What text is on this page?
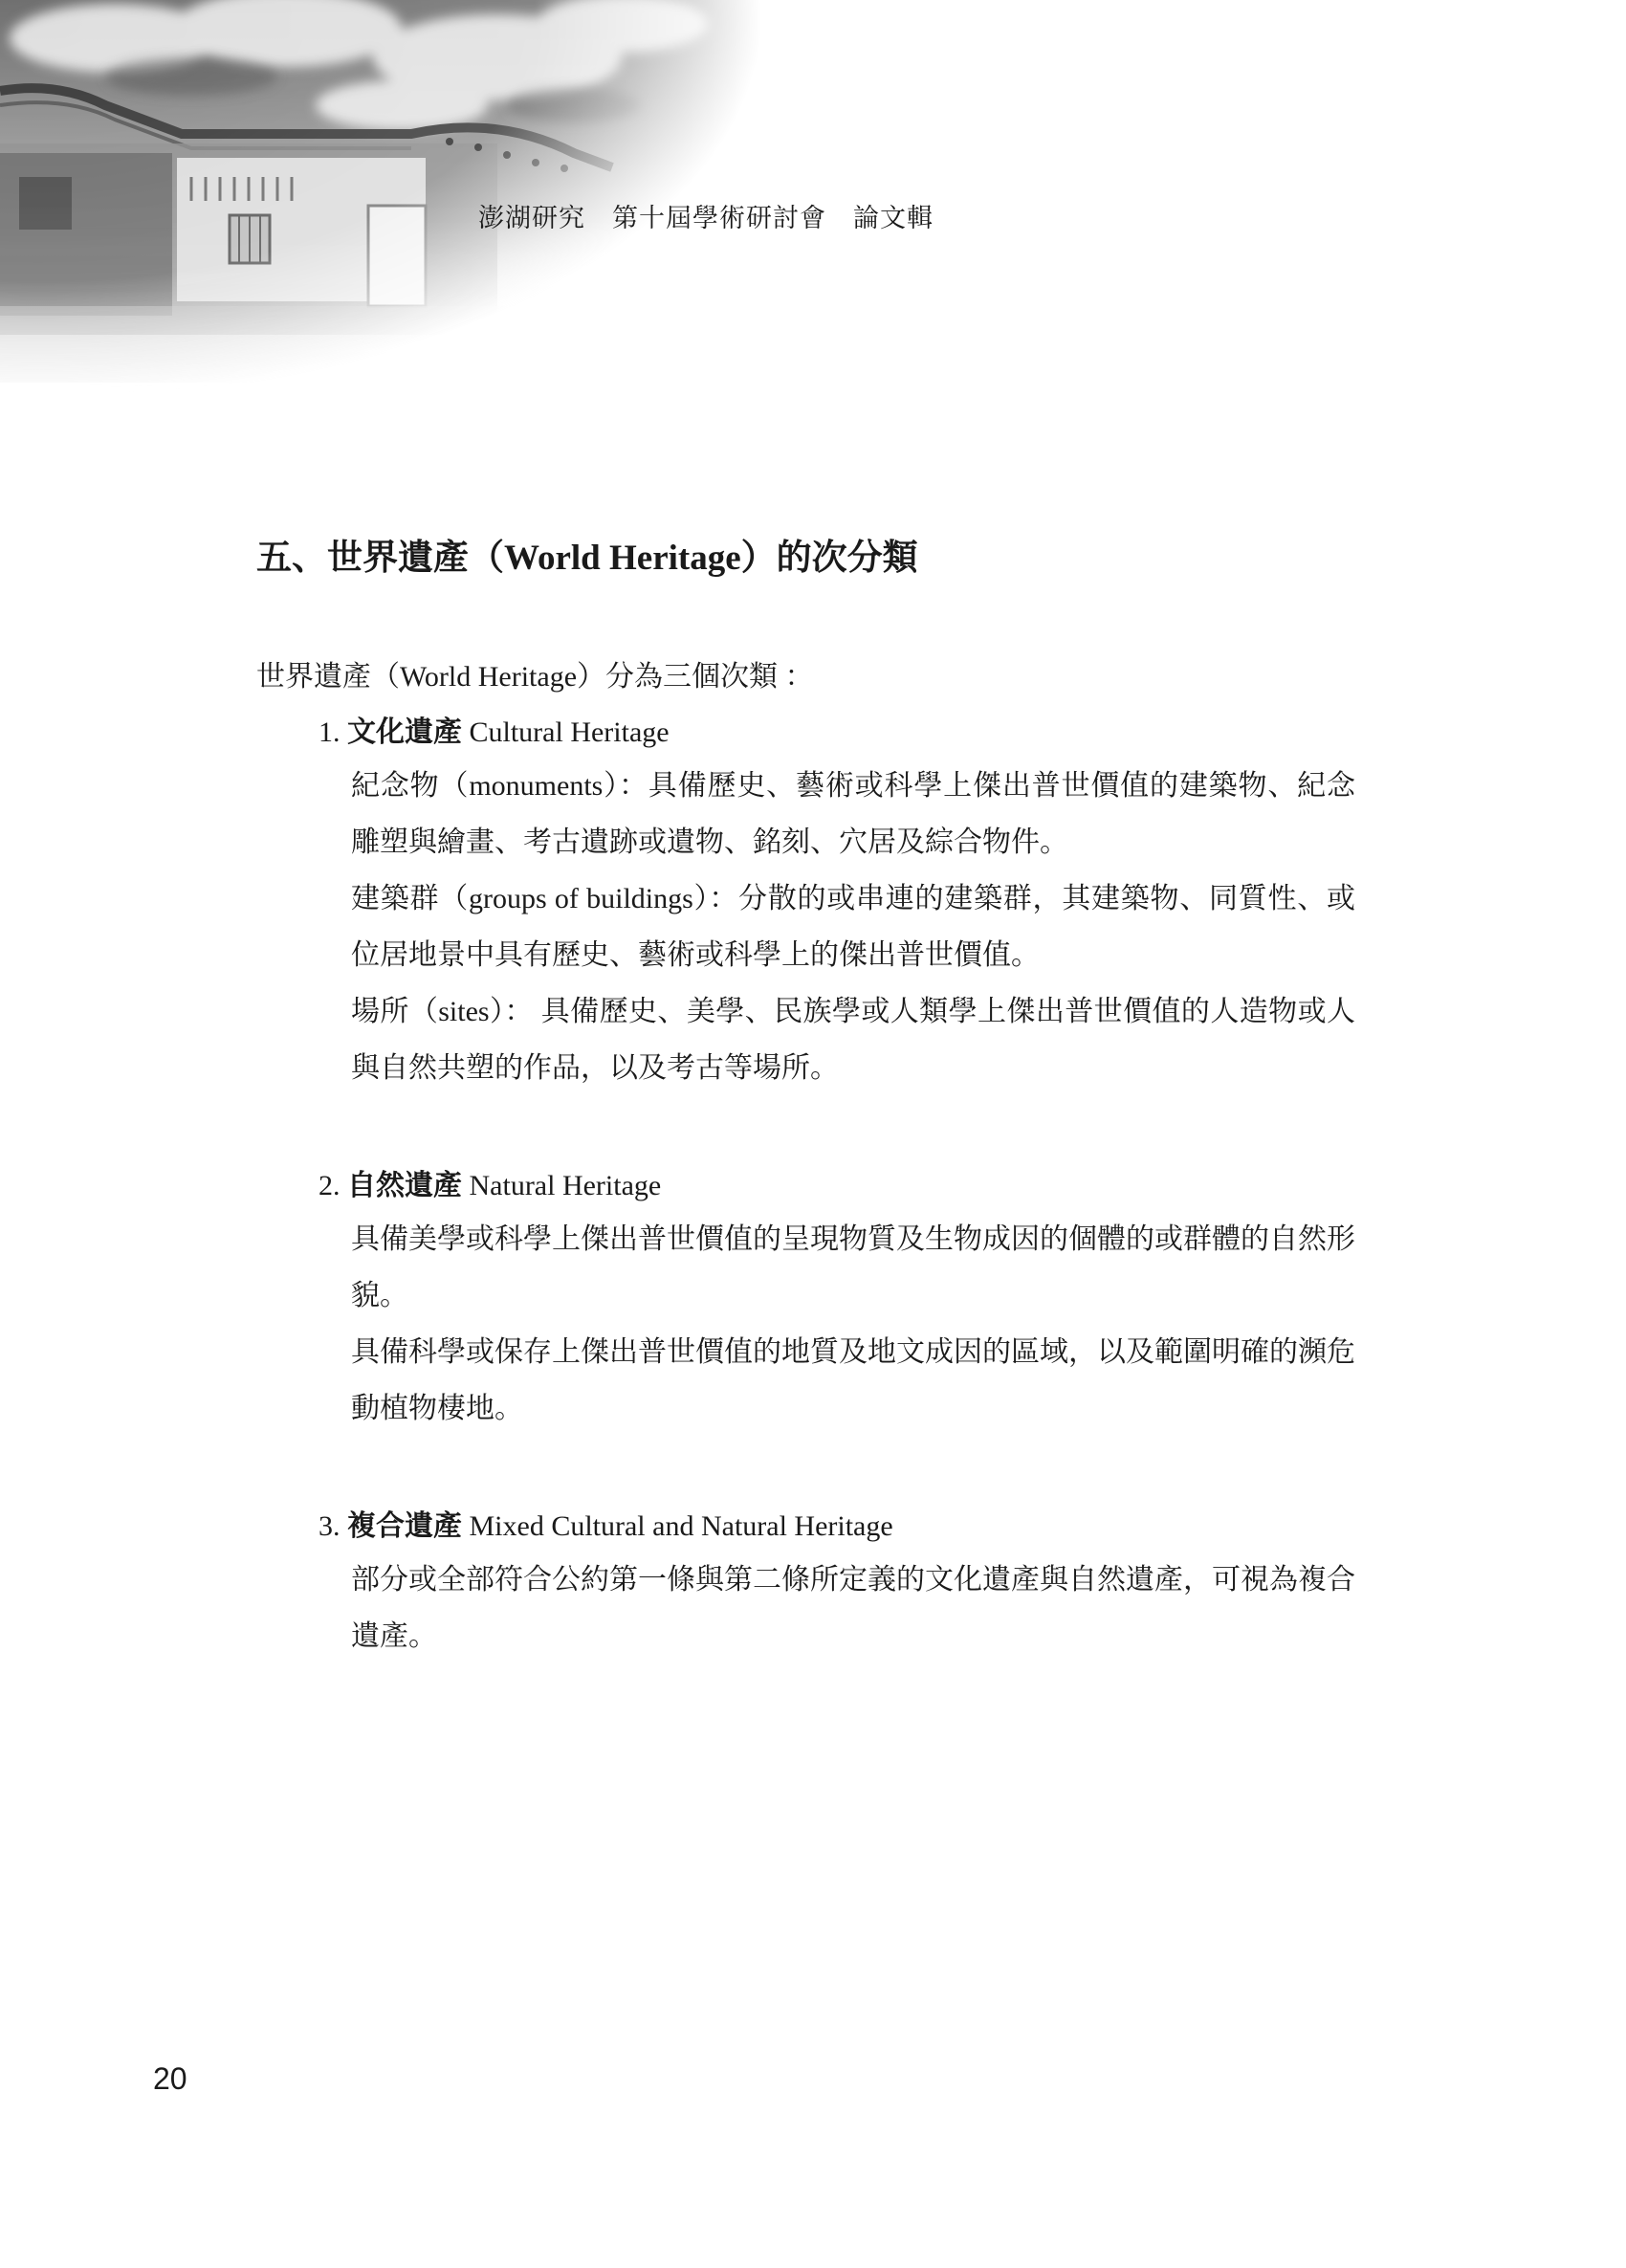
澎湖研究　第十屆學術研討會　論文輯
五、世界遺產（World Heritage）的次分類
世界遺產（World Heritage）分為三個次類 ：
1. 文化遺產 Cultural Heritage
紀念物（monuments）：具備歷史、藝術或科學上傑出普世價值的建築物、紀念雕塑與繪畫、考古遺跡或遺物、銘刻、穴居及綜合物件。
建築群（groups of buildings）：分散的或串連的建築群，其建築物、同質性、或位居地景中具有歷史、藝術或科學上的傑出普世價值。
場所（sites）： 具備歷史、美學、民族學或人類學上傑出普世價值的人造物或人與自然共塑的作品，以及考古等場所。
2. 自然遺產 Natural Heritage
具備美學或科學上傑出普世價值的呈現物質及生物成因的個體的或群體的自然形貌。
具備科學或保存上傑出普世價值的地質及地文成因的區域，以及範圍明確的瀕危動植物棲地。
3. 複合遺產 Mixed Cultural and Natural Heritage
部分或全部符合公約第一條與第二條所定義的文化遺產與自然遺產，可視為複合遺產。
20
